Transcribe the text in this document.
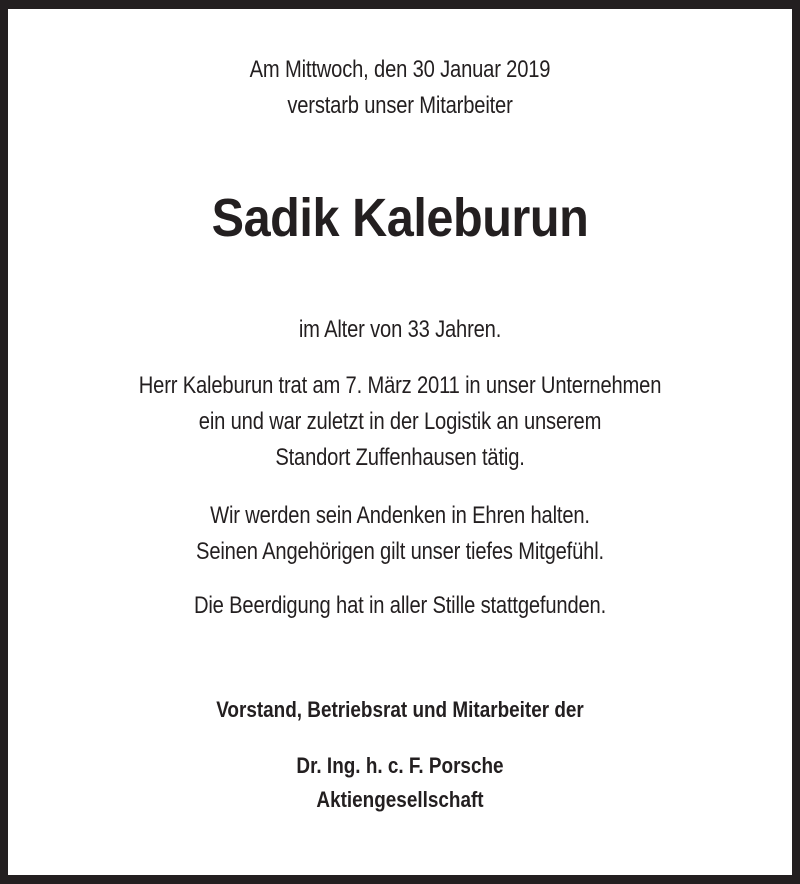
Am Mittwoch, den 30 Januar 2019
verstarb unser Mitarbeiter
Sadik Kaleburun
im Alter von 33 Jahren.
Herr Kaleburun trat am 7. März 2011 in unser Unternehmen
ein und war zuletzt in der Logistik an unserem
Standort Zuffenhausen tätig.
Wir werden sein Andenken in Ehren halten.
Seinen Angehörigen gilt unser tiefes Mitgefühl.
Die Beerdigung hat in aller Stille stattgefunden.
Vorstand, Betriebsrat und Mitarbeiter der
Dr. Ing. h. c. F. Porsche
Aktiengesellschaft
